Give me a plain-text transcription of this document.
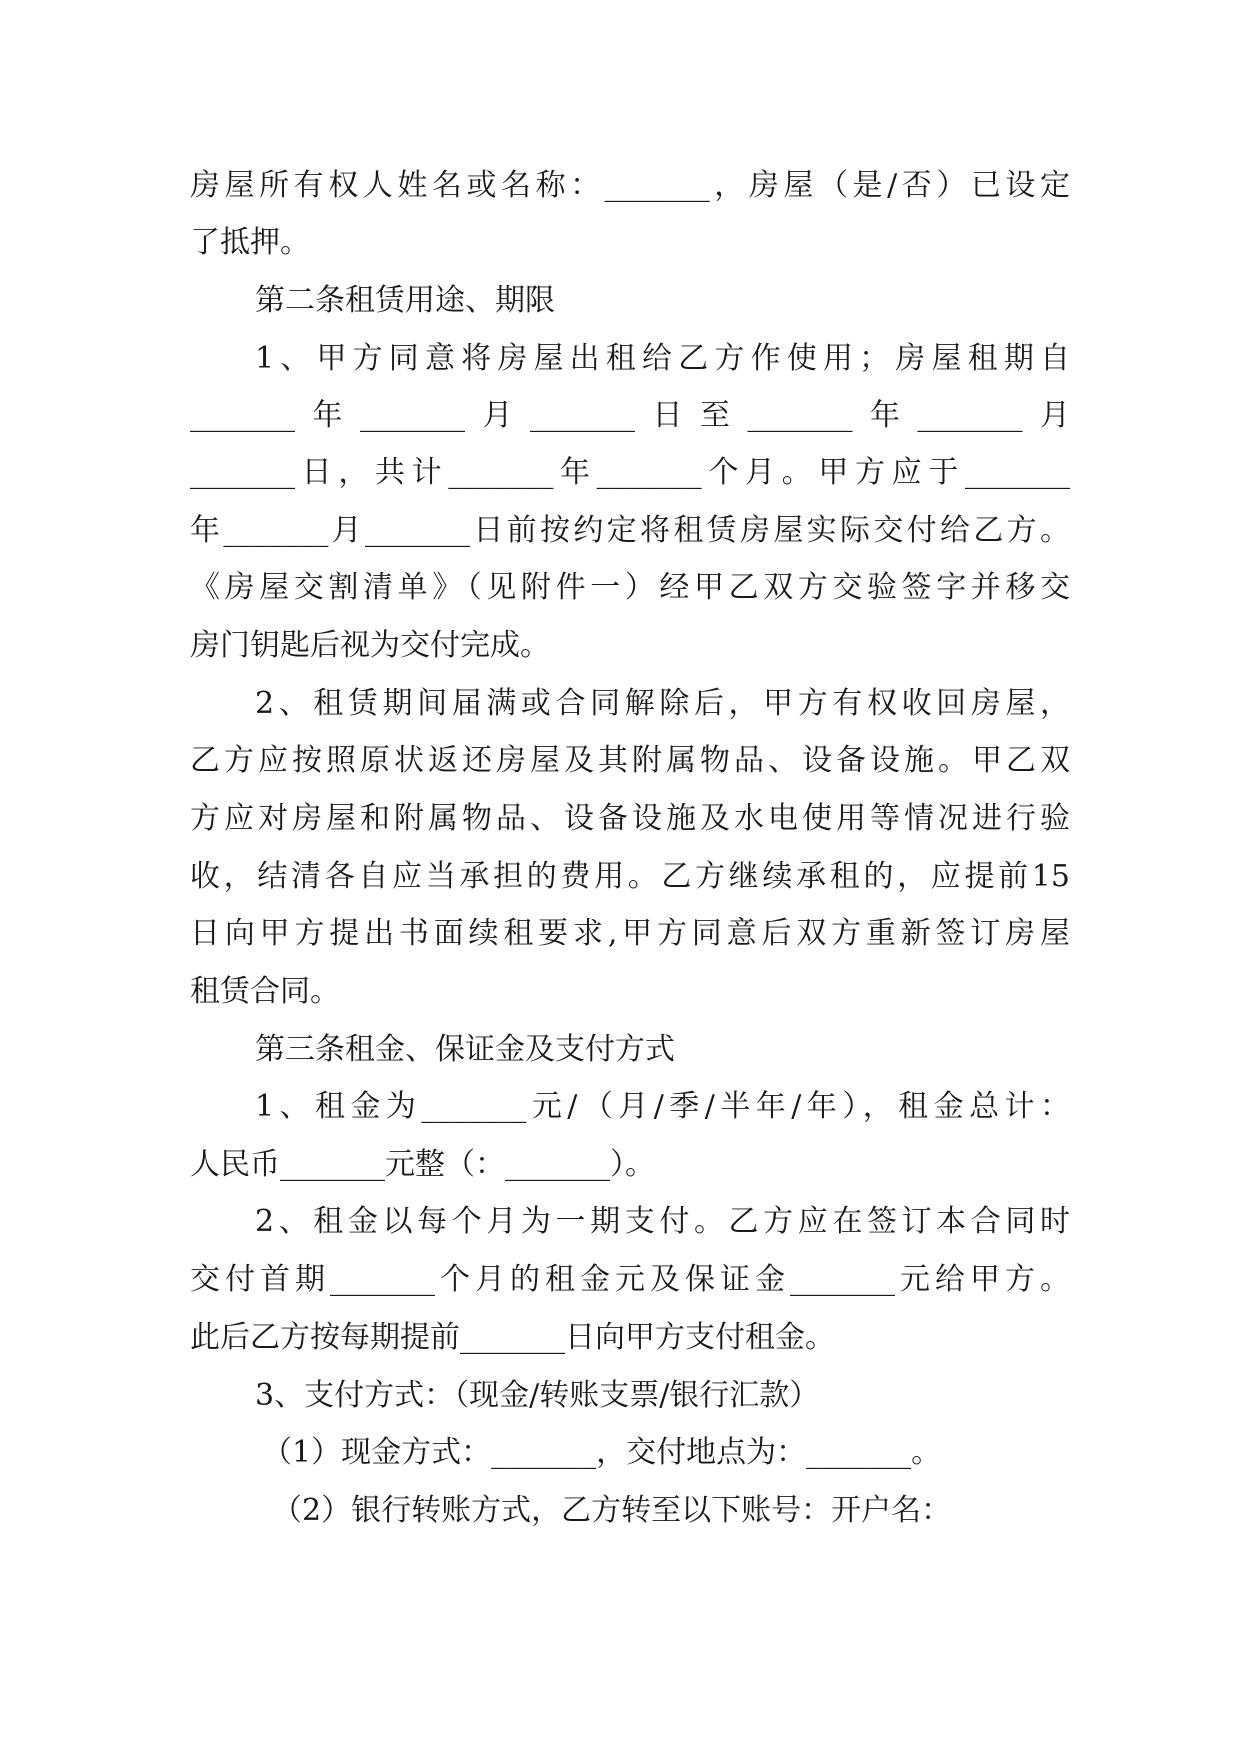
房屋所有权人姓名或名称：_______，房屋（是/否）已设定
了抵押。
第二条租赁用途、期限
1、甲方同意将房屋出租给乙方作使用；房屋租期自
_______年_______月_______日至_______年_______月
_______日，共计_______年_______个月。甲方应于_______
年_______月_______日前按约定将租赁房屋实际交付给乙方。
《房屋交割清单》（见附件一）经甲乙双方交验签字并移交
房门钥匙后视为交付完成。
2、租赁期间届满或合同解除后，甲方有权收回房屋，
乙方应按照原状返还房屋及其附属物品、设备设施。甲乙双
方应对房屋和附属物品、设备设施及水电使用等情况进行验
收，结清各自应当承担的费用。乙方继续承租的，应提前15
日向甲方提出书面续租要求,甲方同意后双方重新签订房屋
租赁合同。
第三条租金、保证金及支付方式
1、租金为_______元/（月/季/半年/年），租金总计：
人民币_______元整（：_______）。
2、租金以每个月为一期支付。乙方应在签订本合同时
交付首期_______个月的租金元及保证金_______元给甲方。
此后乙方按每期提前_______日向甲方支付租金。
3、支付方式：（现金/转账支票/银行汇款）
（1）现金方式：_______，交付地点为：_______。
（2）银行转账方式，乙方转至以下账号：开户名：
